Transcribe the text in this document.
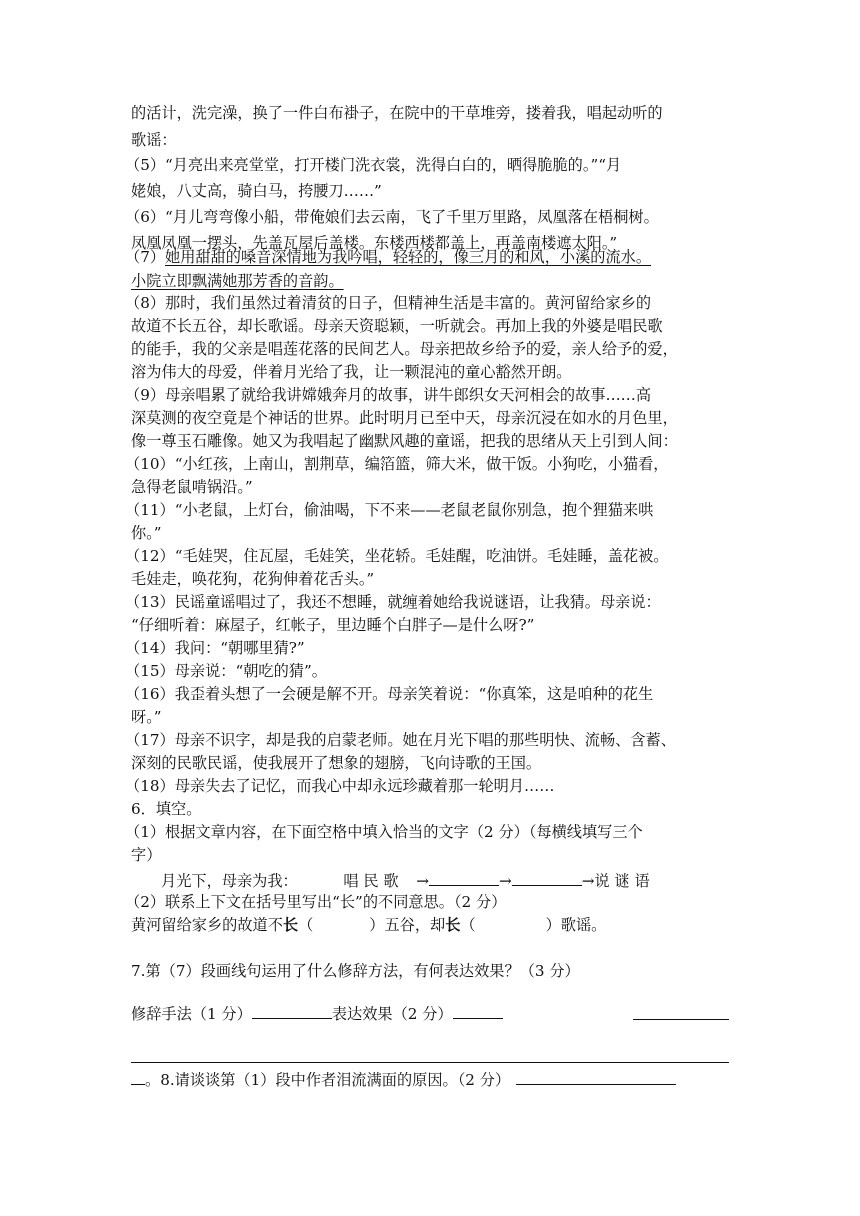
的活计，洗完澡，换了一件白布褂子，在院中的干草堆旁，搂着我，唱起动听的
歌谣：
（5）“月亮出来亮堂堂，打开楼门洗衣裳，洗得白白的，晒得脆脆的。”“月
姥娘，八丈高，骑白马，挎腰刀……”
（6）“月儿弯弯像小船，带俺娘们去云南，飞了千里万里路，凤凰落在梧桐树。
凤凰凤凰一摆头，先盖瓦屋后盖楼。东楼西楼都盖上，再盖南楼遮太阳。”
（7）她用甜甜的嗓音深情地为我吟唱，轻轻的，像三月的和风，小溪的流水。
小院立即飘满她那芳香的音韵。
（8）那时，我们虽然过着清贫的日子，但精神生活是丰富的。黄河留给家乡的
故道不长五谷，却长歌谣。母亲天资聪颖，一听就会。再加上我的外婆是唱民歌
的能手，我的父亲是唱莲花落的民间艺人。母亲把故乡给予的爱，亲人给予的爱，
溶为伟大的母爱，伴着月光给了我，让一颗混沌的童心豁然开朗。
（9）母亲唱累了就给我讲嫦娥奔月的故事，讲牛郎织女天河相会的故事……高
深莫测的夜空竟是个神话的世界。此时明月已至中天，母亲沉浸在如水的月色里，
像一尊玉石雕像。她又为我唱起了幽默风趣的童谣，把我的思绪从天上引到人间：
（10）“小红孩，上南山，割荆草，编箔篮，筛大米，做干饭。小狗吃，小猫看，
急得老鼠啃锅沿。”
（11）“小老鼠，上灯台，偷油喝，下不来——老鼠老鼠你别急，抱个狸猫来哄
你。”
（12）“毛娃哭，住瓦屋，毛娃笑，坐花轿。毛娃醒，吃油饼。毛娃睡，盖花被。
毛娃走，唤花狗，花狗伸着花舌头。”
（13）民谣童谣唱过了，我还不想睡，就缠着她给我说谜语，让我猜。母亲说：
“仔细听着：麻屋子，红帐子，里边睡个白胖子—是什么呀?”
（14）我问：“朝哪里猜?”
（15）母亲说：“朝吃的猜”。
（16）我歪着头想了一会硬是解不开。母亲笑着说：“你真笨，这是咱种的花生
呀。”
（17）母亲不识字，却是我的启蒙老师。她在月光下唱的那些明快、流畅、含蓄、
深刻的民歌民谣，使我展开了想象的翅膀，飞向诗歌的王国。
（18）母亲失去了记忆，而我心中却永远珍藏着那一轮明月……
6．填空。
（1）根据文章内容，在下面空格中填入恰当的文字（2 分）（每横线填写三个
字）
月光下，母亲为我：	唱 民 歌 →	→	→说 谜 语
（2）联系上下文在括号里写出“长”的不同意思。（2 分）
黄河留给家乡的故道不长（	）五谷，却长（	）歌谣。
7.第（7）段画线句运用了什么修辞方法，有何表达效果？（3 分）
修辞手法（1 分）	表达效果（2 分）
。8.请谈谈第（1）段中作者泪流满面的原因。（2 分）
